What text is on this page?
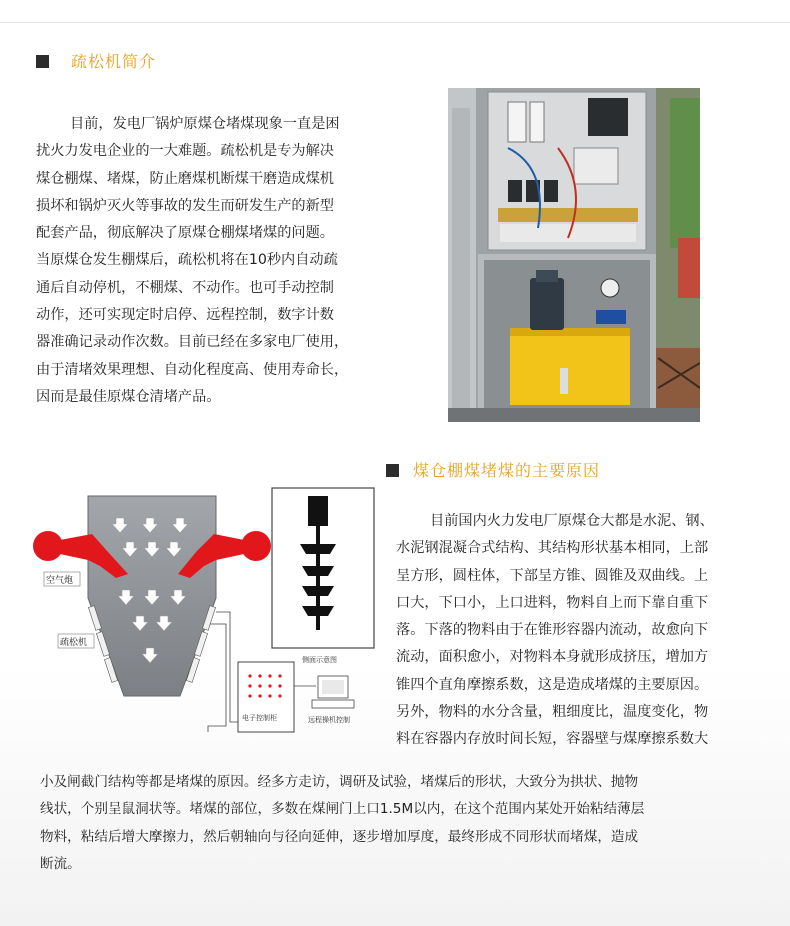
疏松机简介
目前，发电厂锅炉原煤仓堵煤现象一直是困
扰火力发电企业的一大难题。疏松机是专为解决
煤仓棚煤、堵煤，防止磨煤机断煤干磨造成煤机
损坏和锅炉灭火等事故的发生而研发生产的新型
配套产品，彻底解决了原煤仓棚煤堵煤的问题。
当原煤仓发生棚煤后，疏松机将在10秒内自动疏
通后自动停机，不棚煤、不动作。也可手动控制
动作，还可实现定时启停、远程控制，数字计数
器准确记录动作次数。目前已经在多家电厂使用，
由于清堵效果理想、自动化程度高、使用寿命长，
因而是最佳原煤仓清堵产品。
煤仓棚煤堵煤的主要原因
空气炮
疏松机
侧面示意图
电子控制柜	远程操机控制
目前国内火力发电厂原煤仓大都是水泥、钢、
水泥钢混凝合式结构、其结构形状基本相同，上部
呈方形，圆柱体，下部呈方锥、圆锥及双曲线。上
口大，下口小，上口进料，物料自上而下靠自重下
落。下落的物料由于在锥形容器内流动，故愈向下
流动，面积愈小，对物料本身就形成挤压，增加方
锥四个直角摩擦系数，这是造成堵煤的主要原因。
另外，物料的水分含量，粗细度比，温度变化，物
料在容器内存放时间长短，容器壁与煤摩擦系数大
小及闸截门结构等都是堵煤的原因。经多方走访，调研及试验，堵煤后的形状，大致分为拱状、抛物
线状，个别呈鼠洞状等。堵煤的部位，多数在煤闸门上口1.5M以内，在这个范围内某处开始粘结薄层
物料，粘结后增大摩擦力，然后朝轴向与径向延伸，逐步增加厚度，最终形成不同形状而堵煤，造成
断流。
